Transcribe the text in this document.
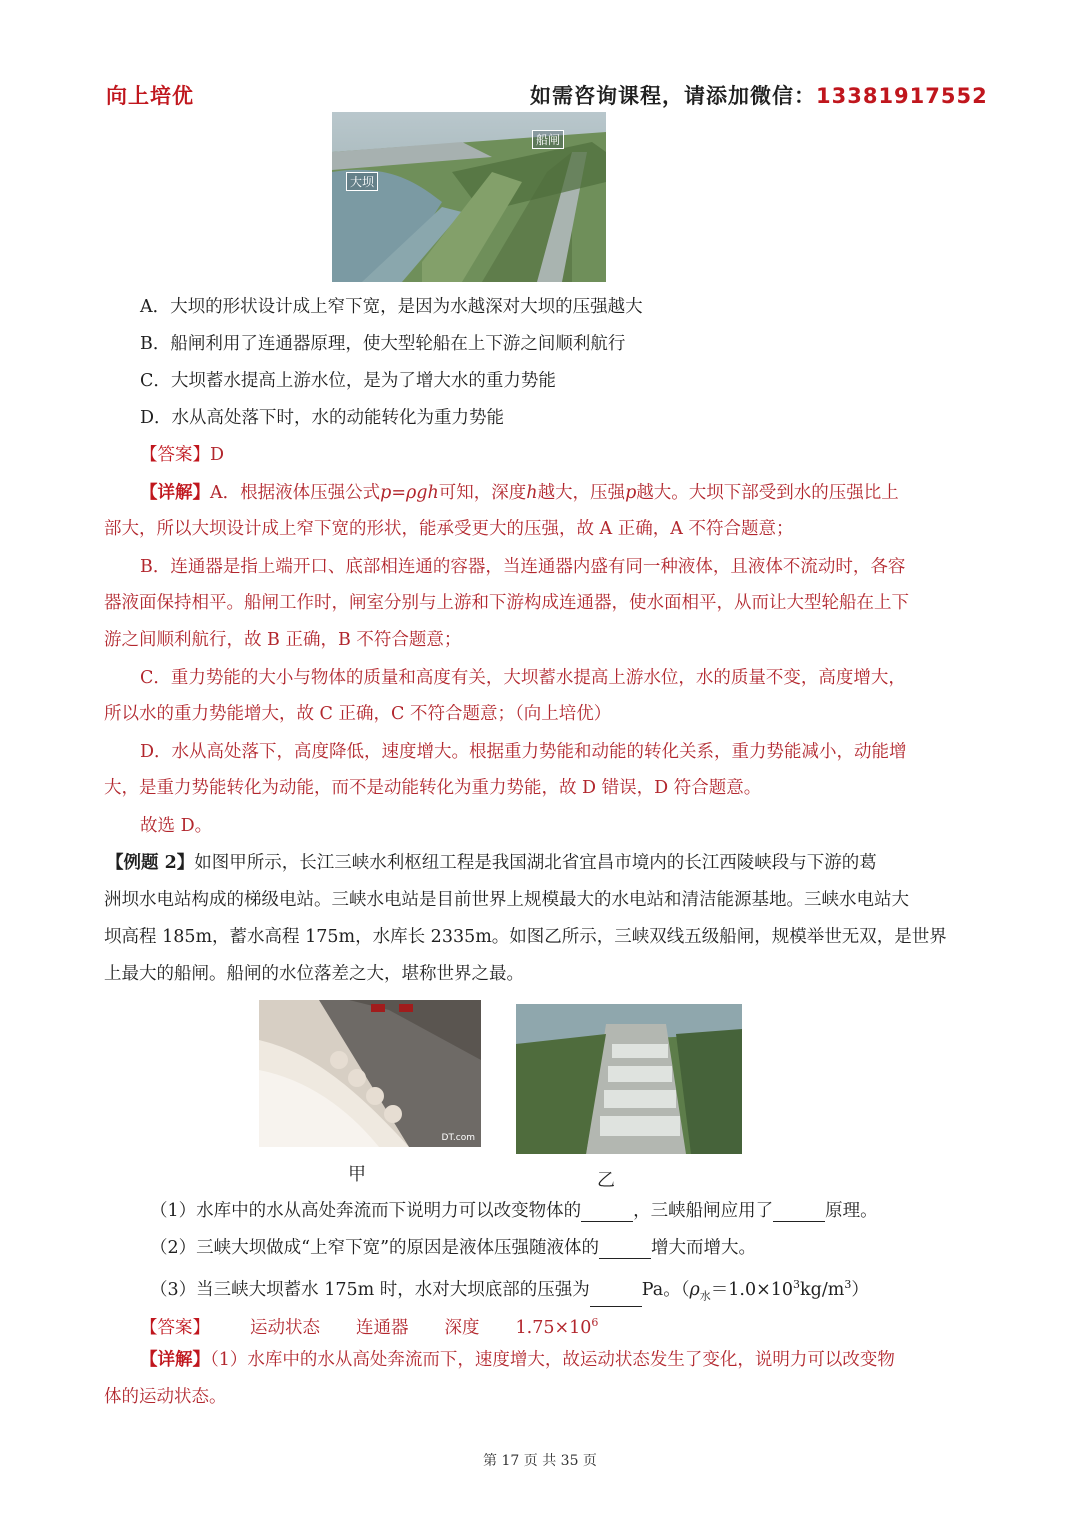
向上培优	如需咨询课程，请添加微信：13381917552
大坝
船闸
A．大坝的形状设计成上窄下宽，是因为水越深对大坝的压强越大
B．船闸利用了连通器原理，使大型轮船在上下游之间顺利航行
C．大坝蓄水提高上游水位，是为了增大水的重力势能
D．水从高处落下时，水的动能转化为重力势能
【答案】D
【详解】A．根据液体压强公式p=ρgh可知，深度h越大，压强p越大。大坝下部受到水的压强比上
部大，所以大坝设计成上窄下宽的形状，能承受更大的压强，故 A 正确，A 不符合题意；
B．连通器是指上端开口、底部相连通的容器，当连通器内盛有同一种液体，且液体不流动时，各容
器液面保持相平。船闸工作时，闸室分别与上游和下游构成连通器，使水面相平，从而让大型轮船在上下
游之间顺利航行，故 B 正确，B 不符合题意；
C．重力势能的大小与物体的质量和高度有关，大坝蓄水提高上游水位，水的质量不变，高度增大，
所以水的重力势能增大，故 C 正确，C 不符合题意；（向上培优）
D．水从高处落下，高度降低，速度增大。根据重力势能和动能的转化关系，重力势能减小，动能增
大，是重力势能转化为动能，而不是动能转化为重力势能，故 D 错误，D 符合题意。
故选 D。
【例题 2】如图甲所示，长江三峡水利枢纽工程是我国湖北省宜昌市境内的长江西陵峡段与下游的葛
洲坝水电站构成的梯级电站。三峡水电站是目前世界上规模最大的水电站和清洁能源基地。三峡水电站大
坝高程 185m，蓄水高程 175m，水库长 2335m。如图乙所示，三峡双线五级船闸，规模举世无双，是世界
上最大的船闸。船闸的水位落差之大，堪称世界之最。
DT.com
甲	乙
（1）水库中的水从高处奔流而下说明力可以改变物体的	，三峡船闸应用了	原理。
（2）三峡大坝做成“上窄下宽”的原因是液体压强随液体的	增大而增大。
（3）当三峡大坝蓄水 175m 时，水对大坝底部的压强为	Pa。$(\rho_水=1.0\times 10^3kg/m^3)$
【答案】 运动状态 连通器 深度 $1.75\times 10^6$
【详解】（1）水库中的水从高处奔流而下，速度增大，故运动状态发生了变化，说明力可以改变物
体的运动状态。
第 17 页 共 35 页
